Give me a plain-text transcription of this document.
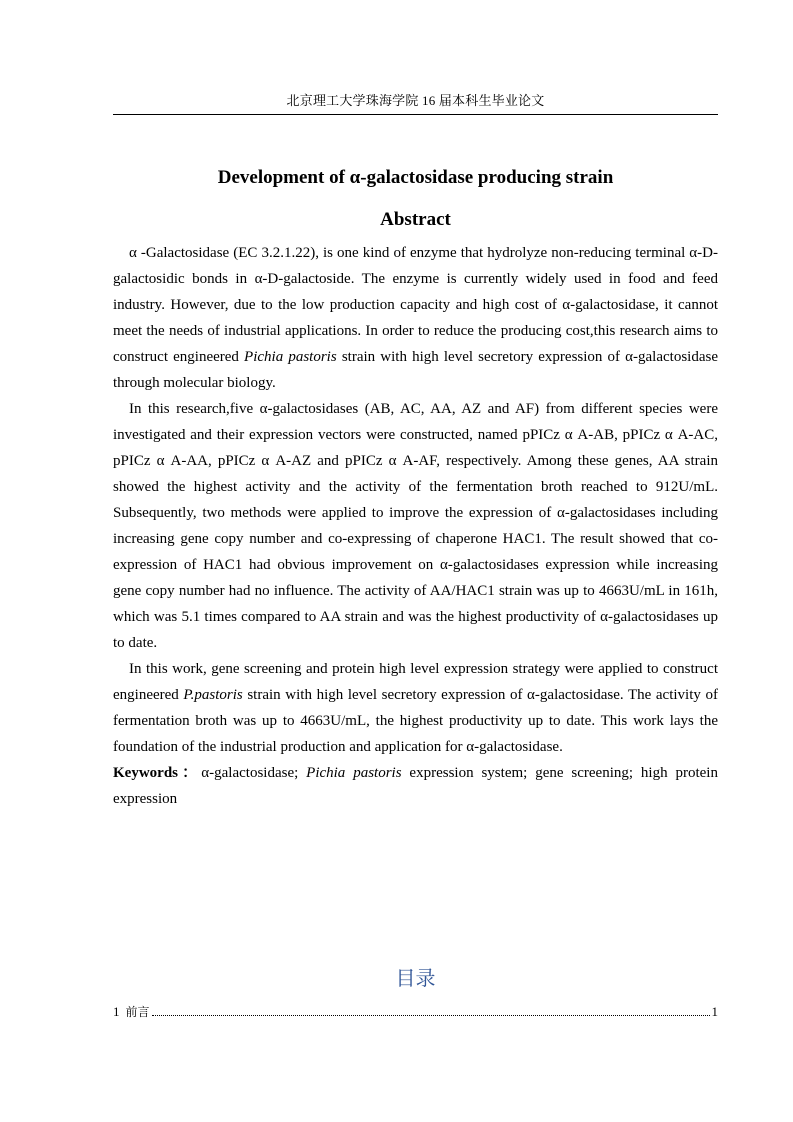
北京理工大学珠海学院 16 届本科生毕业论文
Development of α-galactosidase producing strain
Abstract

α -Galactosidase (EC 3.2.1.22), is one kind of enzyme that hydrolyze non-reducing terminal α-D- galactosidic bonds in α-D-galactoside. The enzyme is currently widely used in food and feed industry. However, due to the low production capacity and high cost of α-galactosidase, it cannot meet the needs of industrial applications. In order to reduce the producing cost,this research aims to construct engineered Pichia pastoris strain with high level secretory expression of α-galactosidase through molecular biology.

In this research,five α-galactosidases (AB, AC, AA, AZ and AF) from different species were investigated and their expression vectors were constructed, named pPICz α A-AB, pPICz α A-AC, pPICz α A-AA, pPICz α A-AZ and pPICz α A-AF, respectively. Among these genes, AA strain showed the highest activity and the activity of the fermentation broth reached to 912U/mL. Subsequently, two methods were applied to improve the expression of α-galactosidases including increasing gene copy number and co-expressing of chaperone HAC1. The result showed that co-expression of HAC1 had obvious improvement on α-galactosidases expression while increasing gene copy number had no influence. The activity of AA/HAC1 strain was up to 4663U/mL in 161h, which was 5.1 times compared to AA strain and was the highest productivity of α-galactosidases up to date.

In this work, gene screening and protein high level expression strategy were applied to construct engineered P.pastoris strain with high level secretory expression of α-galactosidase. The activity of fermentation broth was up to 4663U/mL, the highest productivity up to date. This work lays the foundation of the industrial production and application for α-galactosidase.

Keywords：α-galactosidase; Pichia pastoris expression system; gene screening; high protein expression
目录
1 前言	1
